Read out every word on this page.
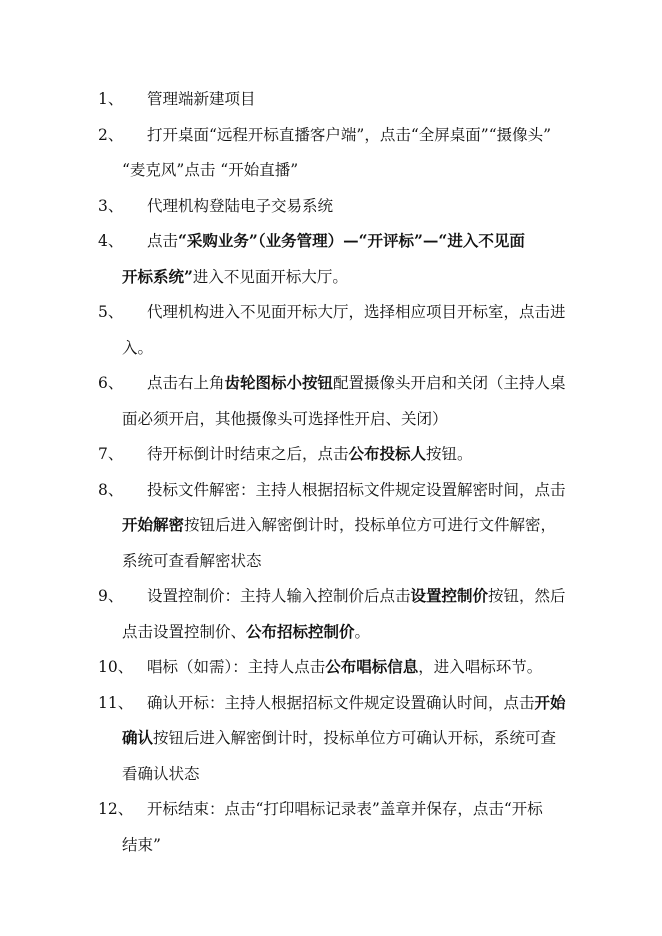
1、 管理端新建项目
2、 打开桌面“远程开标直播客户端”，点击“全屏桌面”“摄像头”
“麦克风”点击 “开始直播”
3、 代理机构登陆电子交易系统
4、 点击“采购业务”（业务管理）—“开评标”—“进入不见面
开标系统”进入不见面开标大厅。
5、 代理机构进入不见面开标大厅，选择相应项目开标室，点击进
入。
6、 点击右上角齿轮图标小按钮配置摄像头开启和关闭（主持人桌
面必须开启，其他摄像头可选择性开启、关闭）
7、 待开标倒计时结束之后，点击公布投标人按钮。
8、 投标文件解密：主持人根据招标文件规定设置解密时间，点击
开始解密按钮后进入解密倒计时，投标单位方可进行文件解密，
系统可查看解密状态
9、 设置控制价：主持人输入控制价后点击设置控制价按钮，然后
点击设置控制价、公布招标控制价。
10、 唱标（如需）：主持人点击公布唱标信息，进入唱标环节。
11、 确认开标：主持人根据招标文件规定设置确认时间，点击开始
确认按钮后进入解密倒计时，投标单位方可确认开标，系统可查
看确认状态
12、 开标结束：点击“打印唱标记录表”盖章并保存，点击“开标
结束”
